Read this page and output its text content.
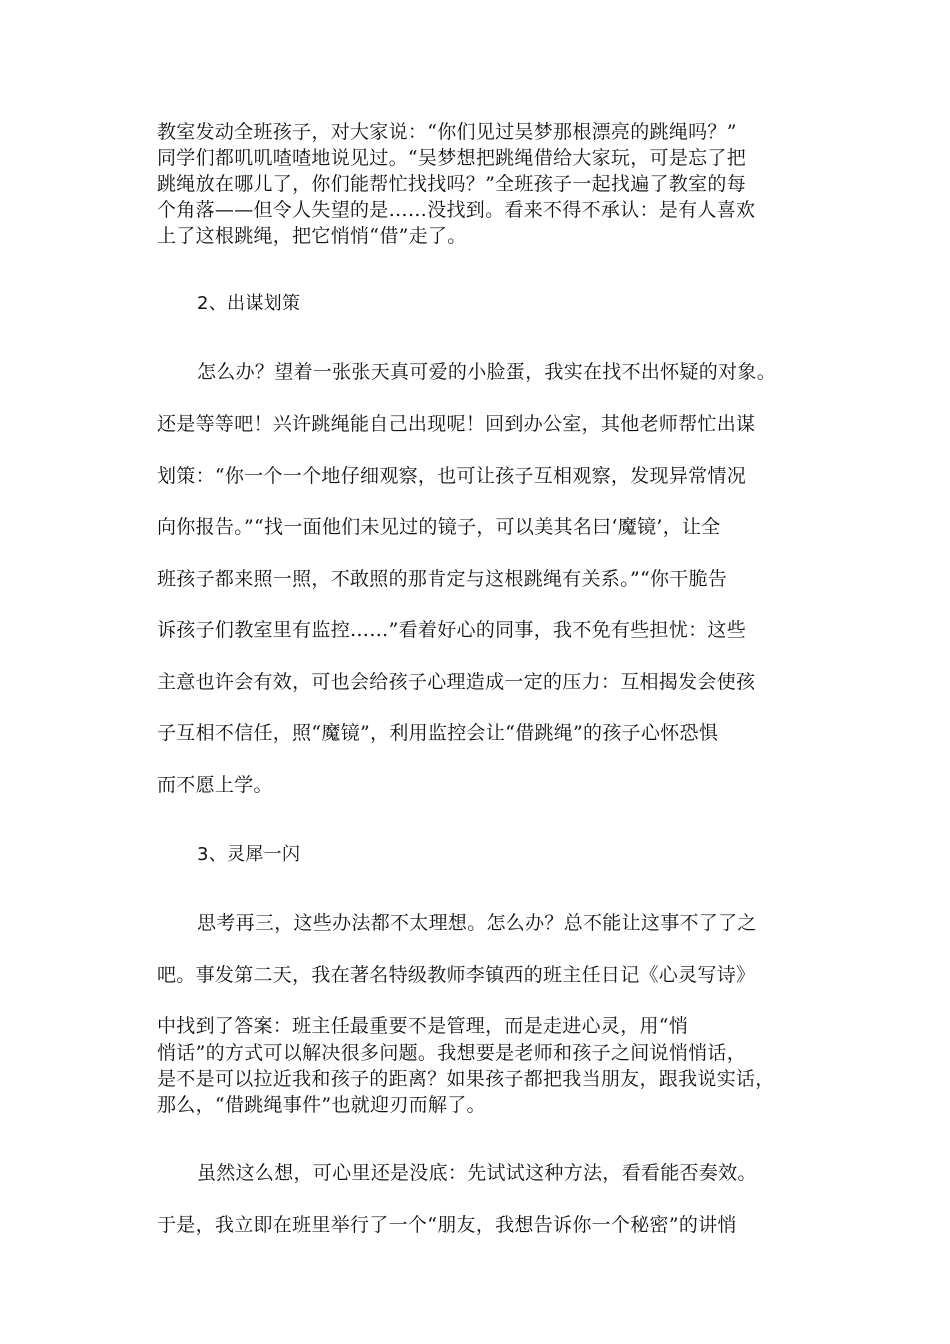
教室发动全班孩子，对大家说：“你们见过吴梦那根漂亮的跳绳吗？”
同学们都叽叽喳喳地说见过。“吴梦想把跳绳借给大家玩，可是忘了把
跳绳放在哪儿了，你们能帮忙找找吗？”全班孩子一起找遍了教室的每
个角落——但令人失望的是……没找到。看来不得不承认：是有人喜欢
上了这根跳绳，把它悄悄“借”走了。
2、出谋划策
怎么办？望着一张张天真可爱的小脸蛋，我实在找不出怀疑的对象。
还是等等吧！兴许跳绳能自己出现呢！回到办公室，其他老师帮忙出谋
划策：“你一个一个地仔细观察，也可让孩子互相观察，发现异常情况
向你报告。”“找一面他们未见过的镜子，可以美其名曰‘魔镜’，让全
班孩子都来照一照，不敢照的那肯定与这根跳绳有关系。”“你干脆告
诉孩子们教室里有监控……”看着好心的同事，我不免有些担忧：这些
主意也许会有效，可也会给孩子心理造成一定的压力：互相揭发会使孩
子互相不信任，照“魔镜”，利用监控会让“借跳绳”的孩子心怀恐惧
而不愿上学。
3、灵犀一闪
思考再三，这些办法都不太理想。怎么办？总不能让这事不了了之
吧。事发第二天，我在著名特级教师李镇西的班主任日记《心灵写诗》
中找到了答案：班主任最重要不是管理，而是走进心灵，用“悄
悄话”的方式可以解决很多问题。我想要是老师和孩子之间说悄悄话，
是不是可以拉近我和孩子的距离？如果孩子都把我当朋友，跟我说实话，
那么，“借跳绳事件”也就迎刃而解了。
虽然这么想，可心里还是没底：先试试这种方法，看看能否奏效。
于是，我立即在班里举行了一个“朋友，我想告诉你一个秘密”的讲悄
